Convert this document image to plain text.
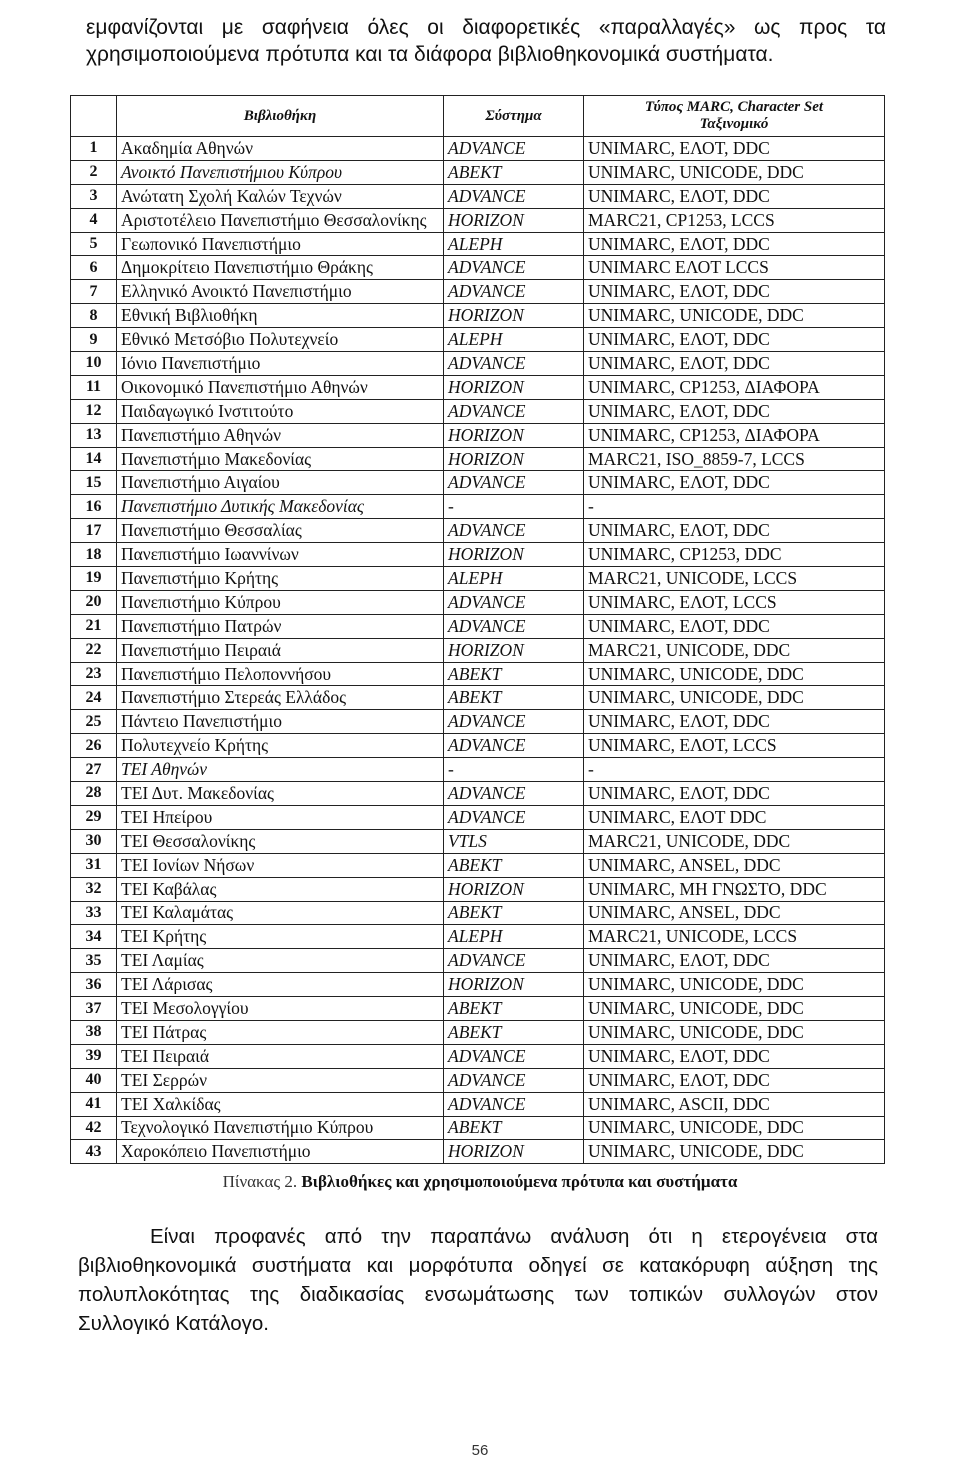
εμφανίζονται με σαφήνεια όλες οι διαφορετικές «παραλλαγές» ως προς τα
χρησιμοποιούμενα πρότυπα και τα διάφορα βιβλιοθηκονομικά συστήματα.
	Βιβλιοθήκη	Σύστημα	Τύπος MARC, Character Set
Ταξινομικό

1	Ακαδημία Αθηνών	ADVANCE	UNIMARC, ΕΛΟΤ, DDC
2	Ανοικτό Πανεπιστήμιου Κύπρου	ABEKT	UNIMARC, UNICODE, DDC
3	Ανώτατη Σχολή Καλών Τεχνών	ADVANCE	UNIMARC, ΕΛΟΤ, DDC
4	Αριστοτέλειο Πανεπιστήμιο Θεσσαλονίκης	HORIZON	MARC21, CP1253, LCCS
5	Γεωπονικό Πανεπιστήμιο	ALEPH	UNIMARC, ΕΛΟΤ, DDC
6	Δημοκρίτειο Πανεπιστήμιο Θράκης	ADVANCE	UNIMARC ΕΛΟΤ LCCS
7	Ελληνικό Ανοικτό Πανεπιστήμιο	ADVANCE	UNIMARC, ΕΛΟΤ, DDC
8	Εθνική Βιβλιοθήκη	HORIZON	UNIMARC, UNICODE, DDC
9	Εθνικό Μετσόβιο Πολυτεχνείο	ALEPH	UNIMARC, ΕΛΟΤ, DDC
10	Ιόνιο Πανεπιστήμιο	ADVANCE	UNIMARC, ΕΛΟΤ, DDC
11	Οικονομικό Πανεπιστήμιο Αθηνών	HORIZON	UNIMARC, CP1253, ΔΙΑΦΟΡΑ
12	Παιδαγωγικό Ινστιτούτο	ADVANCE	UNIMARC, ΕΛΟΤ, DDC
13	Πανεπιστήμιο Αθηνών	HORIZON	UNIMARC, CP1253, ΔΙΑΦΟΡΑ
14	Πανεπιστήμιο Μακεδονίας	HORIZON	MARC21, ISO_8859-7, LCCS
15	Πανεπιστήμιο Αιγαίου	ADVANCE	UNIMARC, ΕΛΟΤ, DDC
16	Πανεπιστήμιο Δυτικής Μακεδονίας	-	-
17	Πανεπιστήμιο Θεσσαλίας	ADVANCE	UNIMARC, ΕΛΟΤ, DDC
18	Πανεπιστήμιο Ιωαννίνων	HORIZON	UNIMARC, CP1253, DDC
19	Πανεπιστήμιο Κρήτης	ALEPH	MARC21, UNICODE, LCCS
20	Πανεπιστήμιο Κύπρου	ADVANCE	UNIMARC, ΕΛΟΤ, LCCS
21	Πανεπιστήμιο Πατρών	ADVANCE	UNIMARC, ΕΛΟΤ, DDC
22	Πανεπιστήμιο Πειραιά	HORIZON	MARC21, UNICODE, DDC
23	Πανεπιστήμιο Πελοποννήσου	ABEKT	UNIMARC, UNICODE, DDC
24	Πανεπιστήμιο Στερεάς Ελλάδος	ABEKT	UNIMARC, UNICODE, DDC
25	Πάντειο Πανεπιστήμιο	ADVANCE	UNIMARC, ΕΛΟΤ, DDC
26	Πολυτεχνείο Κρήτης	ADVANCE	UNIMARC, ΕΛΟΤ, LCCS
27	ΤΕΙ Αθηνών	-	-
28	ΤΕΙ Δυτ. Μακεδονίας	ADVANCE	UNIMARC, ΕΛΟΤ, DDC
29	ΤΕΙ Ηπείρου	ADVANCE	UNIMARC, ΕΛΟΤ DDC
30	ΤΕΙ Θεσσαλονίκης	VTLS	MARC21, UNICODE, DDC
31	ΤΕΙ Ιονίων Νήσων	ABEKT	UNIMARC, ANSEL, DDC
32	ΤΕΙ Καβάλας	HORIZON	UNIMARC, ΜΗ ΓΝΩΣΤΟ, DDC
33	ΤΕΙ Καλαμάτας	ABEKT	UNIMARC, ANSEL, DDC
34	ΤΕΙ Κρήτης	ALEPH	MARC21, UNICODE, LCCS
35	ΤΕΙ Λαμίας	ADVANCE	UNIMARC, ΕΛΟΤ, DDC
36	ΤΕΙ Λάρισας	HORIZON	UNIMARC, UNICODE, DDC
37	ΤΕΙ Μεσολογγίου	ABEKT	UNIMARC, UNICODE, DDC
38	ΤΕΙ Πάτρας	ABEKT	UNIMARC, UNICODE, DDC
39	ΤΕΙ Πειραιά	ADVANCE	UNIMARC, ΕΛΟΤ, DDC
40	ΤΕΙ Σερρών	ADVANCE	UNIMARC, ΕΛΟΤ, DDC
41	ΤΕΙ Χαλκίδας	ADVANCE	UNIMARC, ASCII, DDC
42	Τεχνολογικό Πανεπιστήμιο Κύπρου	ABEKT	UNIMARC, UNICODE, DDC
43	Χαροκόπειο Πανεπιστήμιο	HORIZON	UNIMARC, UNICODE, DDC
Πίνακας 2. Βιβλιοθήκες και χρησιμοποιούμενα πρότυπα και συστήματα
Είναι προφανές από την παραπάνω ανάλυση ότι η ετερογένεια στα
βιβλιοθηκονομικά συστήματα και μορφότυπα οδηγεί σε κατακόρυφη αύξηση της
πολυπλοκότητας της διαδικασίας ενσωμάτωσης των τοπικών συλλογών στον
Συλλογικό Κατάλογο.
56
